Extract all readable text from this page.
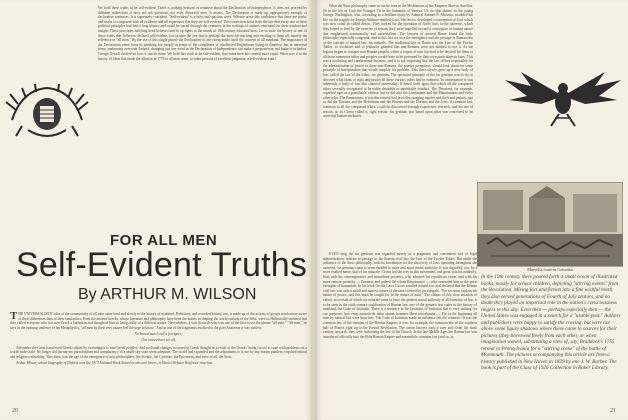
We hold these truths to be self-evident. There is nothing hesitant or tentative about the Declaration of Independence. It does not proceed by diffident indirection; it does not ask questions, not even rhetorical ones. It asserts. The Declaration is made up, appropriately enough, of declarative sentences. It is supremely confident. "Self-evident" is a lofty and spacious word. Whence arose this confidence that these are truths, and truths so congruent with all evidence and all experience that they are self-evident? This conviction arose from the fact that every one of these political principles had had a long history and could be traced through the centuries in the writings of authors venerated for their wisdom and insight. These principles had long been believed and lit up lights in the minds of 18th-century educated men. Let us trace the history of one of these truths that Jefferson declared self-evident. Let us take the one that is perhaps the most far-reaching and exciting of them all, namely the reference to "all men." By the use of this single phrase the Declaration in one sweep made itself the concern of all mankind. The importance of the Declaration came from its speaking not simply in terms of the complaints of disaffected Englishmen living in America, but in universal terms, embracing everyone. Indeed, changing just one word in the Declaration of Independence can make it preposterous and bathe it in bathos. George Orwell showed us how it can be done: We hold this truth to be self-evident, that some men are created more equal. What was it in the history of ideas that made the allusion in 1776 to all men seem, to sober persons of excellent judgment, a self-evident truth?

FOR ALL MEN
Self-Evident Truths
By ARTHUR M. WILSON

THE UNIVERSALISTIC idea of the commonalty of all men came hard and slowly in the history of mankind. Prehistory, and recorded history, too, is made up of the actions of groups much more aware of their differences than of their similarities. Even the ancient Greeks, whose literature and philosophy have been the matrix in shaping the world outlook of the West, were so Hellenically-inclined that they called everyone who was non-Greek a barbarian and thought of him as being really of a different nature. Nevertheless, it was Aristotle who was one of the first to use the phrase "all men." "All men," he says in the opening sentence of his Metaphysics, "all men by their very nature feel the urge to know." And in one of the fragments ascribed to the poet Anacreon it was written,

No honest man I call a foreigner;
One nature have we all.

Alexander the Great transferred Greek culture by extending it to non-Greek peoples. And profound changes occurred in Greek thought as a result of the Greeks' being forced to cope with problems on a world-wide scale. No longer did the narrow parochialism and complacency of a small city-state seem adequate. The world had expanded and the adjustment to it, not by any means painless, required ethical and religious rethinking. This, then, was the age of the emergence of new philosophies, the Sceptic, the Cyrenaic, the Epicurean, and most of all, the Stoic.

Arthur Wilson, whose biography of Diderot won the 1973 National Book Award in arts and letters, is Daniel Webster Professor emeritus.

20

What the Stoic philosophy came to can be seen in the Meditations of the Emperor Marcus Aurelius. Or in the life of Cato the Younger. Or in the humanity of Seneca. Or, for that matter, in the young George Washington, who, according to a brilliant essay by Admiral Samuel E. Morison, modeled his life on the tragedy by Joseph Addison entitled Cato. The Stoics developed a conception of God which was now could be called deistic. They looked for the operation of God's laws in the universe, which they hoped to find by the exercise of reason, they were impelled toward a conception of human nature that emphasized commonality and universalism. The lawyers of ancient Rome found the Stoic philosophy especially congenial, and to this fact we owe the emergence and the prestige in Roman law of the concept of natural law, ius naturale. The traditional law of Rome was the Law of the Twelve Tables, so exclusive and so jealously guarded that non-Romans were not entitled to use it. As the legions began to conquer non-Roman peoples, either a corpus of new law had to be devised for them or all those numerous tribes and peoples would have to be governed by their own particularistic laws. This was a confusing and cumbersome business, and it is not surprising that the law officer responsible for the administration of justice to these non-Romans, the praetor peregrinus, should look about for some principle of interpretation that would simplify his problem. This there slowly grew up a new body of law, called the law of the tribes, ius gentium. The operative principle of the ius gentium was to try to discover what ideas of right and justice all these various tribes had in common. In consequence it was inherently a body of law that claimed universality. It based itself upon that which all the conquered tribes severally recognized to be either desirable or punishable conduct. The Thracians, for example, regarded rape as a punishable offense, but so did also the Lusitanians and the Mauritanians and every other tribe. The Pannonians, it was discovered, had laws discouraging murder and theft and perjury, just as did the Dacians and the Helvetians and the Britons and the Dorians and the Jews. A common law, common to all the conquered tribes, could be discovered through experience, research, and the use of reason, or, as Cicero called it, right reason. Ius gentium was based upon what was conceived to be universal human attributes.

Marvella fonte in Columba

EVEN long the ius gentium was regarded merely as a pragmatic and convenient tool of legal administration, inferior in prestige to the Roman civil law, the Law of the Twelve Tables. But under the influence of the Stoic philosophy, with its fascination for the discovery of laws operating throughout the universe, ius gentium came to seem entitled to more and more moral authority. It was dignified, too, by a more exalted name, that of ius naturale. Cicero led the way in this movement, and great was his authority, both with his contemporaries and immediate posterity, who admired his republican virtue, and with his more remote posterity — Erasmus and indeed the whole Renaissance — who venerated him as the great exemplar of humanism. In his book On the Laws Cicero extolled natural law and declared that the Roman civil law was only a small and narrow corner of the area covered by ius naturale. "For we must explain the nature of justice, and this must be sought for in the nature of man." The climax of this slow invasion of values, as a result of which ius naturale came to have the greatest moral authority of all branches of law, is to be seen in the sixth-century codification of Roman law, one of the greatest law codes in the history of mankind, the Code of Justinian. There is a sentence in the Institutes of Justinian that is very striking for our purposes: Iure enim naturali ab initio omnes homines liberi nascebantur — For in the beginning all men by natural law were born free. The Code of Justinian made its influence felt for centuries. It was the common law of the remains of the Roman Empire; it was, for example, the common law of the southern half of France right up to the French Revolution. The canon lawyers took it over and, from the ninth century onwards, they were fashioning the law of the Church. In the late Middle Ages the Roman law was introduced officially into the Holy Roman Empire and meanwhile common law (and so, in

In the 19th century there poured forth a small ocean of illustrated books, mostly for school children, depicting "stirring events" from the Revolution. Mixing fact and fiction into a fine wishful broth, they also served generations of Fourth of July orators, and no doubt they played an important role in the nation's consciousness lingers to this day. Even then — perhaps especially then — the United States was engaged in a search for a "usable past." Authors and publishers were happy to satisfy the craving, but were not above some figury shadows where these came to sources for their pictures (they borrowed freely from each other, or when imagination waned, substituting a view of, say, Braddock's 1755 retreat in Pennsylvania for a "stirring scene" of the battle of Monmouth. The pictures accompanying this article are from a history published in New Haven in 1829 by one J. W. Barber. The book is part of the Class of 1926 Collection in Baker Library.
21
